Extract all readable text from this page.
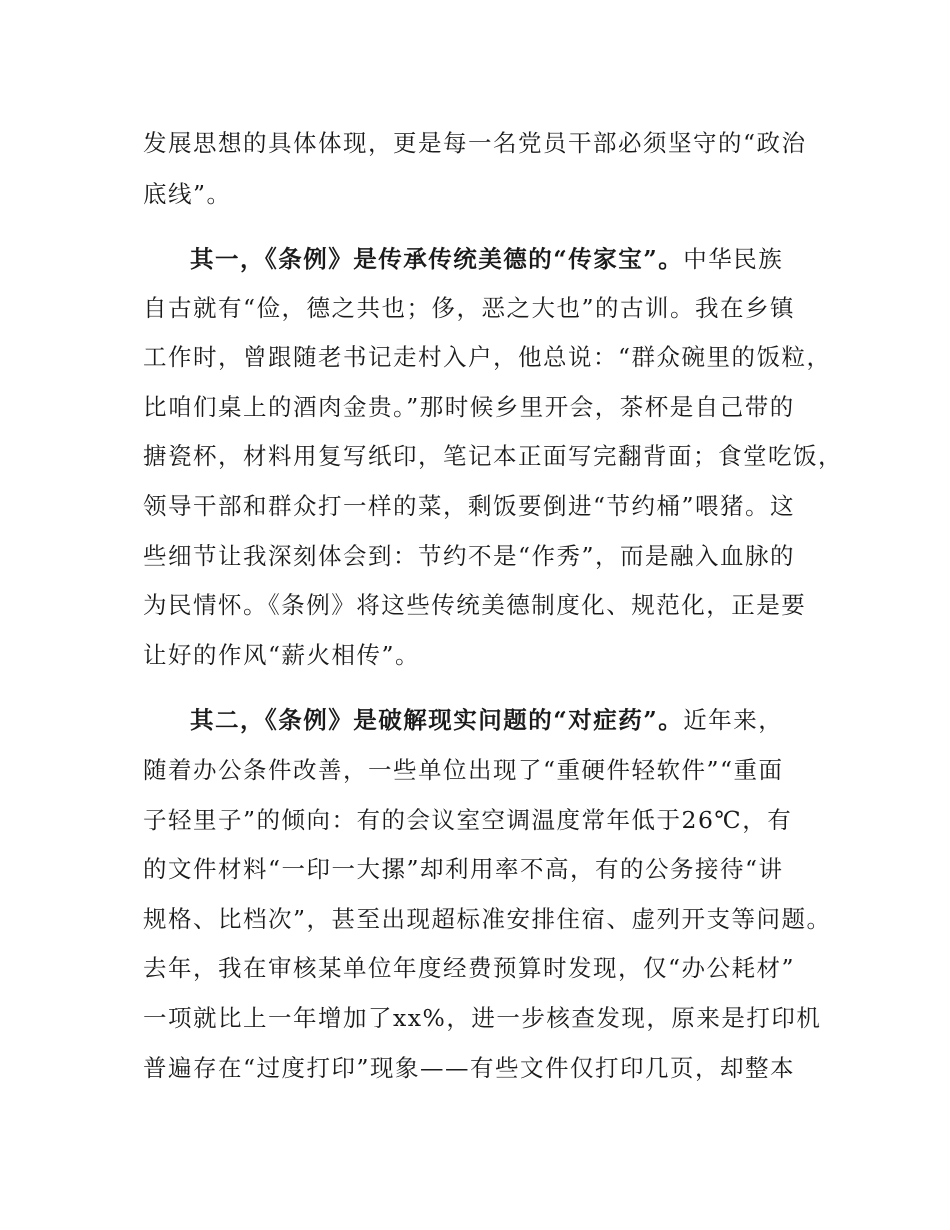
发展思想的具体体现，更是每一名党员干部必须坚守的“政治
底线”。
其一，《条例》是传承传统美德的“传家宝”。中华民族
自古就有“俭，德之共也；侈，恶之大也”的古训。我在乡镇
工作时，曾跟随老书记走村入户，他总说：“群众碗里的饭粒，
比咱们桌上的酒肉金贵。”那时候乡里开会，茶杯是自己带的
搪瓷杯，材料用复写纸印，笔记本正面写完翻背面；食堂吃饭，
领导干部和群众打一样的菜，剩饭要倒进“节约桶”喂猪。这
些细节让我深刻体会到：节约不是“作秀”，而是融入血脉的
为民情怀。《条例》将这些传统美德制度化、规范化，正是要
让好的作风“薪火相传”。
其二，《条例》是破解现实问题的“对症药”。近年来，
随着办公条件改善，一些单位出现了“重硬件轻软件”“重面
子轻里子”的倾向：有的会议室空调温度常年低于26℃，有
的文件材料“一印一大摞”却利用率不高，有的公务接待“讲
规格、比档次”，甚至出现超标准安排住宿、虚列开支等问题。
去年，我在审核某单位年度经费预算时发现，仅“办公耗材”
一项就比上一年增加了xx%，进一步核查发现，原来是打印机
普遍存在“过度打印”现象——有些文件仅打印几页，却整本
